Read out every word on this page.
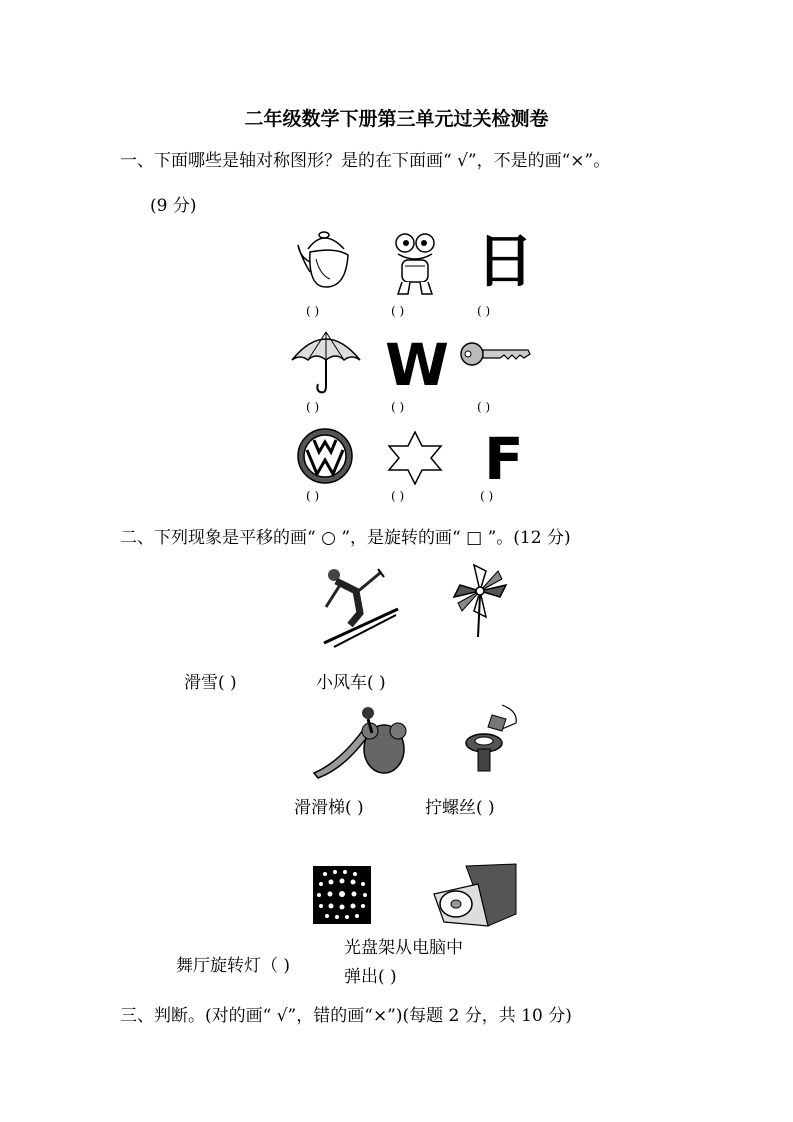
二年级数学下册第三单元过关检测卷
一、下面哪些是轴对称图形？是的在下面画“ √”，不是的画“×”。
(9 分)
日
( )	( )	( )
W
( )	( )	( )
F
( )	( )	( )
二、下列现象是平移的画“ ○ ”，是旋转的画“ □ ”。(12 分)
滑雪( )	小风车( )
滑滑梯( )	拧螺丝( )
光盘架从电脑中
舞厅旋转灯（ )
弹出( )
三、判断。(对的画“ √”，错的画“×”)(每题 2 分，共 10 分)
